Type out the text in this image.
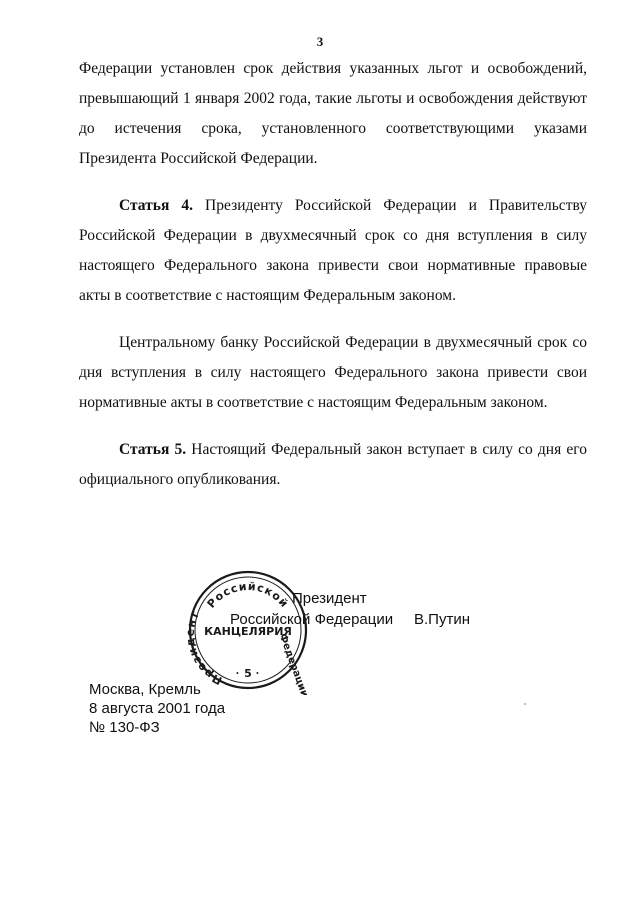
3

Федерации установлен срок действия указанных льгот и освобождений, превышающий 1 января 2002 года, такие льготы и освобождения действуют до истечения срока, установленного соответствующими указами Президента Российской Федерации.

Статья 4. Президенту Российской Федерации и Правительству Российской Федерации в двухмесячный срок со дня вступления в силу настоящего Федерального закона привести свои нормативные правовые акты в соответствие с настоящим Федеральным законом.

Центральному банку Российской Федерации в двухмесячный срок со дня вступления в силу настоящего Федерального закона привести свои нормативные акты в соответствие с настоящим Федеральным законом.

Статья 5. Настоящий Федеральный закон вступает в силу со дня его официального опубликования.

Российской
Президент
КАНЦЕЛЯРИЯ
Федерации
5
• •
Президент
Российской Федерации В.Путин
Москва, Кремль
8 августа 2001 года
№ 130-ФЗ
